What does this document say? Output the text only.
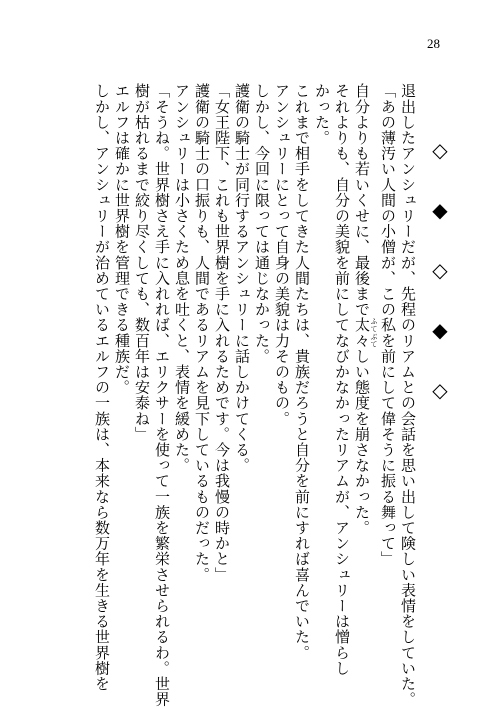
28
退出したアンシュリーだが、先程のリアムとの会話を思い出して険しい表情をしていた。
「あの薄汚い人間の小僧が、この私を前にして偉そうに振る舞って」
自分よりも若いくせに、最後まで太々 ふてぶてしい態度を崩さなかった。
それよりも、自分の美貌を前にしてなびかなかったリアムが、アンシュリーは憎らし
かった。
これまで相手をしてきた人間たちは、貴族だろうと自分を前にすれば喜んでいた。
アンシュリーにとって自身の美貌は力そのもの。
しかし、今回に限っては通じなかった。
護衛の騎士が同行するアンシュリーに話しかけてくる。
「女王陛下、これも世界樹を手に入れるためです。今は我慢の時かと」
護衛の騎士の口振りも、人間であるリアムを見下しているものだった。
アンシュリーは小さくため息を吐くと、表情を緩めた。
「そうね。世界樹さえ手に入れれば、エリクサーを使って一族を繁栄させられるわ。世界
樹が枯れるまで絞り尽くしても、数百年は安泰ね」
エルフは確かに世界樹を管理できる種族だ。
しかし、アンシュリーが治めているエルフの一族は、本来なら数万年を生きる世界樹を	◇
◆
◇
◆
◇
